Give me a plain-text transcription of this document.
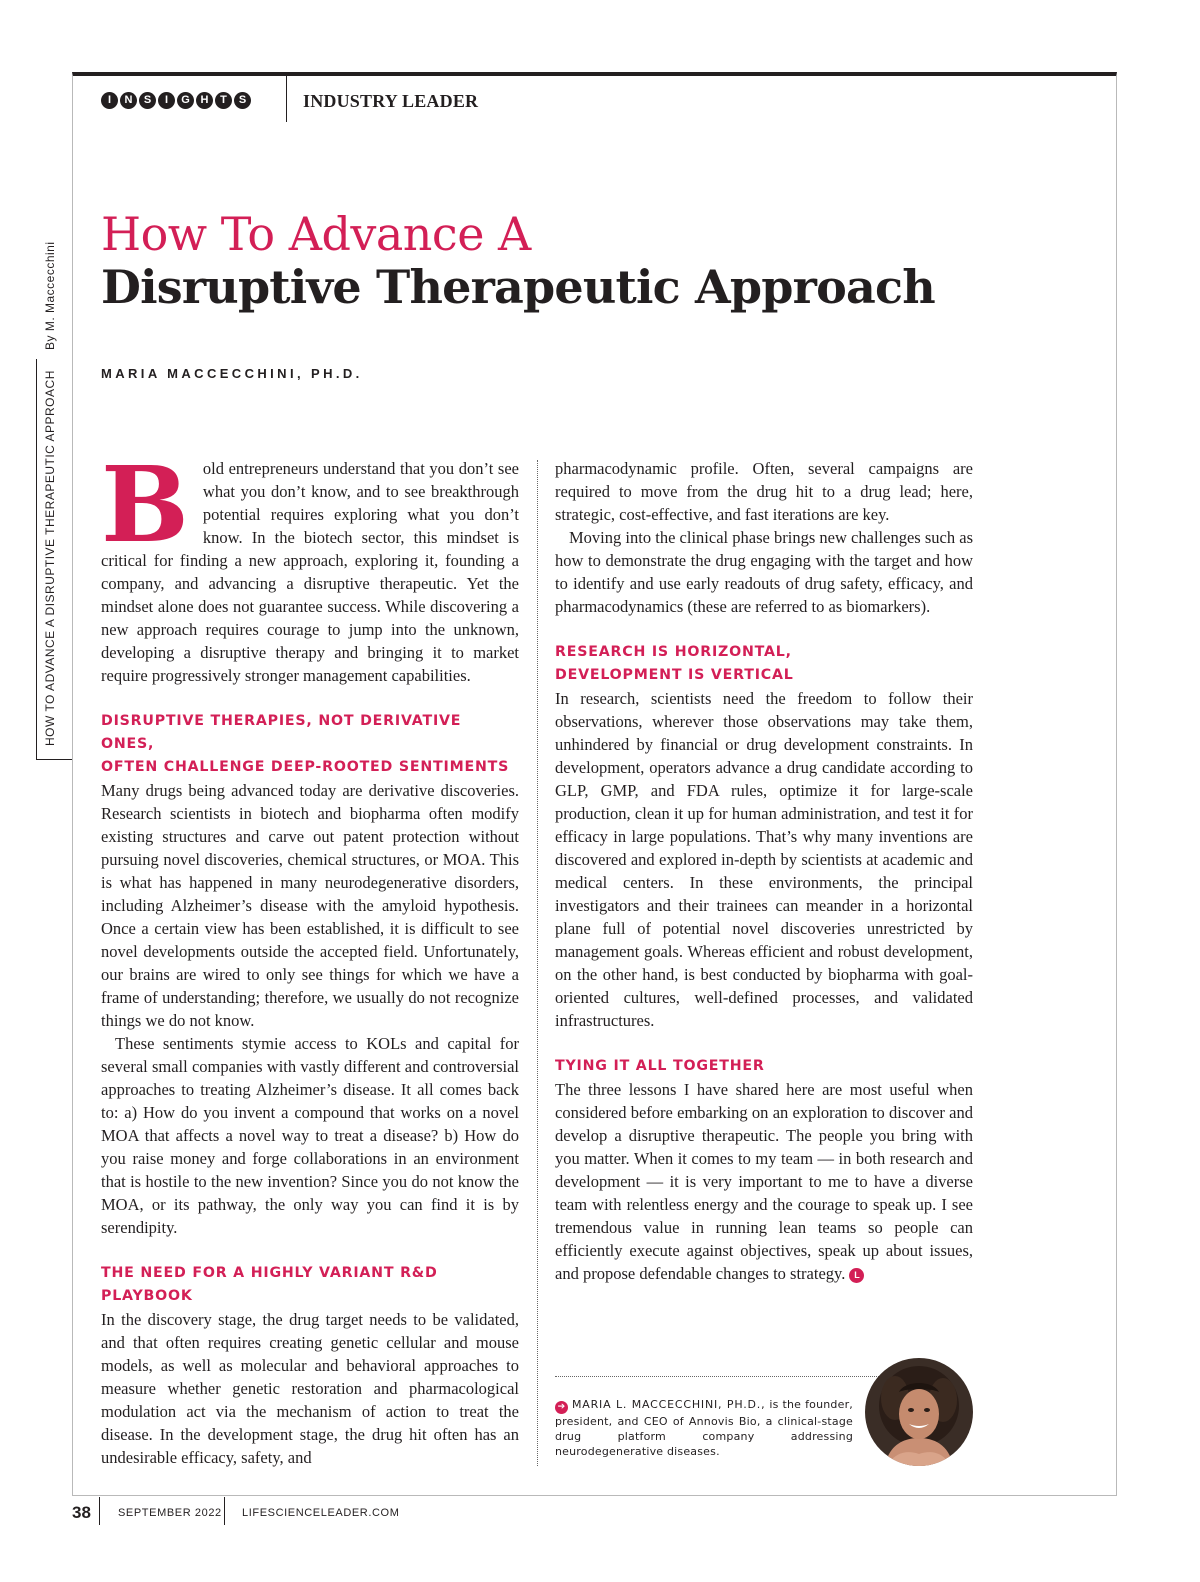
I	N	S	I	G H	T	S	INDUSTRY LEADER
By M. Maccecchini
HOW TO ADVANCE A DISRUPTIVE THERAPEUTIC APPROACH
How To Advance A
Disruptive Therapeutic Approach
MARIA MACCECCHINI, PH.D.

Bold entrepreneurs understand that you don’t see what you don’t know, and to see breakthrough potential requires exploring what you don’t know. In the biotech sector, this mindset is critical for finding a new approach, exploring it, founding a company, and advancing a disruptive therapeutic. Yet the mindset alone does not guarantee success. While discovering a new approach requires courage to jump into the unknown, developing a disruptive therapy and bringing it to market require progressively stronger management capabilities.

DISRUPTIVE THERAPIES, NOT DERIVATIVE ONES,
OFTEN CHALLENGE DEEP-ROOTED SENTIMENTS

Many drugs being advanced today are derivative discoveries. Research scientists in biotech and biopharma often modify existing structures and carve out patent protection without pursuing novel discoveries, chemical structures, or MOA. This is what has happened in many neurodegenerative disorders, including Alzheimer’s disease with the amyloid hypothesis. Once a certain view has been established, it is difficult to see novel developments outside the accepted field. Unfortunately, our brains are wired to only see things for which we have a frame of understanding; therefore, we usually do not recognize things we do not know.

These sentiments stymie access to KOLs and capital for several small companies with vastly different and controversial approaches to treating Alzheimer’s disease. It all comes back to: a) How do you invent a compound that works on a novel MOA that affects a novel way to treat a disease? b) How do you raise money and forge collaborations in an environment that is hostile to the new invention? Since you do not know the MOA, or its pathway, the only way you can find it is by serendipity.

THE NEED FOR A HIGHLY VARIANT R&D PLAYBOOK

In the discovery stage, the drug target needs to be validated, and that often requires creating genetic cellular and mouse models, as well as molecular and behavioral approaches to measure whether genetic restoration and pharmacological modulation act via the mechanism of action to treat the disease. In the development stage, the drug hit often has an undesirable efficacy, safety, and

pharmacodynamic profile. Often, several campaigns are required to move from the drug hit to a drug lead; here, strategic, cost-effective, and fast iterations are key.

Moving into the clinical phase brings new challenges such as how to demonstrate the drug engaging with the target and how to identify and use early readouts of drug safety, efficacy, and pharmacodynamics (these are referred to as biomarkers).

RESEARCH IS HORIZONTAL,
DEVELOPMENT IS VERTICAL

In research, scientists need the freedom to follow their observations, wherever those observations may take them, unhindered by financial or drug development constraints. In development, operators advance a drug candidate according to GLP, GMP, and FDA rules, optimize it for large-scale production, clean it up for human administration, and test it for efficacy in large populations. That’s why many inventions are discovered and explored in-depth by scientists at academic and medical centers. In these environments, the principal investigators and their trainees can meander in a horizontal plane full of potential novel discoveries unrestricted by management goals. Whereas efficient and robust development, on the other hand, is best conducted by biopharma with goal-oriented cultures, well-defined processes, and validated infrastructures.

TYING IT ALL TOGETHER

The three lessons I have shared here are most useful when considered before embarking on an exploration to discover and develop a disruptive therapeutic. The people you bring with you matter. When it comes to my team — in both research and development — it is very important to me to have a diverse team with relentless energy and the courage to speak up. I see tremendous value in running lean teams so people can efficiently execute against objectives, speak up about issues, and propose defendable changes to strategy. L

➔ MARIA L. MACCECCHINI, PH.D., is the founder, president, and CEO of Annovis Bio, a clinical-stage drug platform company addressing neurodegenerative diseases.
38 SEPTEMBER 2022 LIFESCIENCELEADER.COM
